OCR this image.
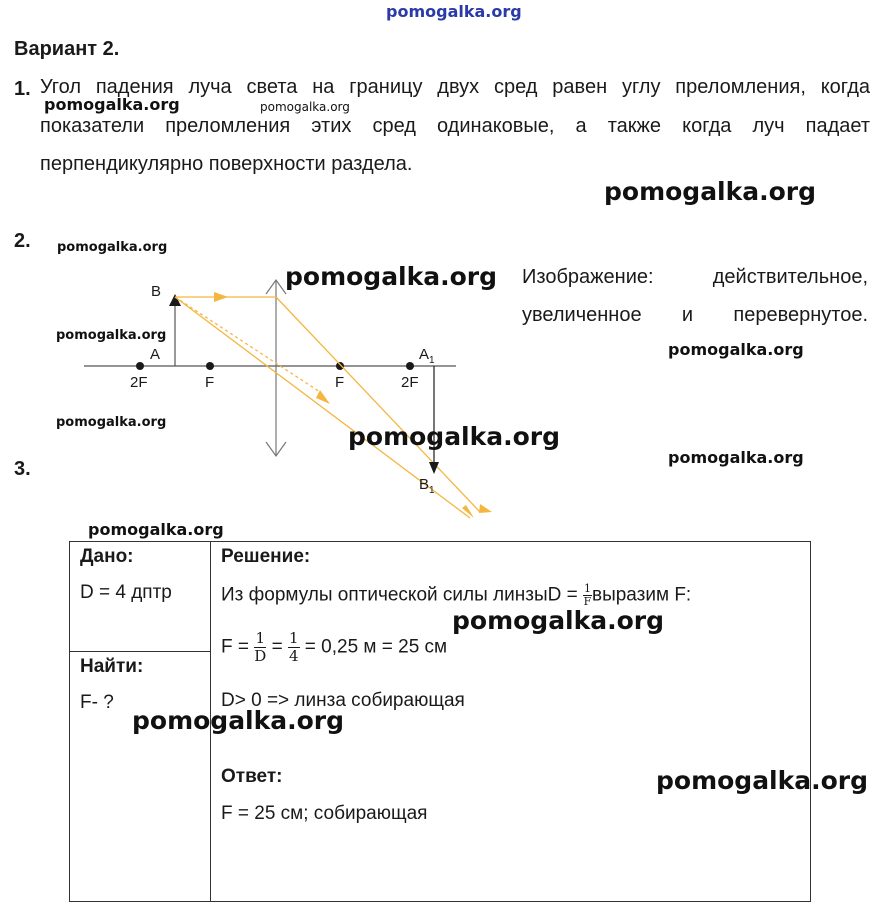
pomogalka.org
Вариант 2.
1. Угол падения луча света на границу двух сред равен углу преломления, когда
показатели преломления этих сред одинаковые, а также когда луч падает
перпендикулярно поверхности раздела.
pomogalka.org	pomogalka.org
pomogalka.org
2.
B
A
2F	F	F	2F
$A_1$
$B_1$
Изображение: действительное,
увеличенное и перевернутое.
pomogalka.org
pomogalka.org
pomogalka.org
pomogalka.org
pomogalka.org	pomogalka.org
pomogalka.org
3.
pomogalka.org
Дано:
D = 4 дптр
Найти:
F- ?
Решение:
Из формулы оптической силы линзыD = $\frac{1}{F}$ выразим F:
$F = \frac{1}{D} = \frac{1}{4} = 0,25$ м = 25 см
D> 0 => линза собирающая
Ответ:
F = 25 см; собирающая
pomogalka.org
pomogalka.org
pomogalka.org
